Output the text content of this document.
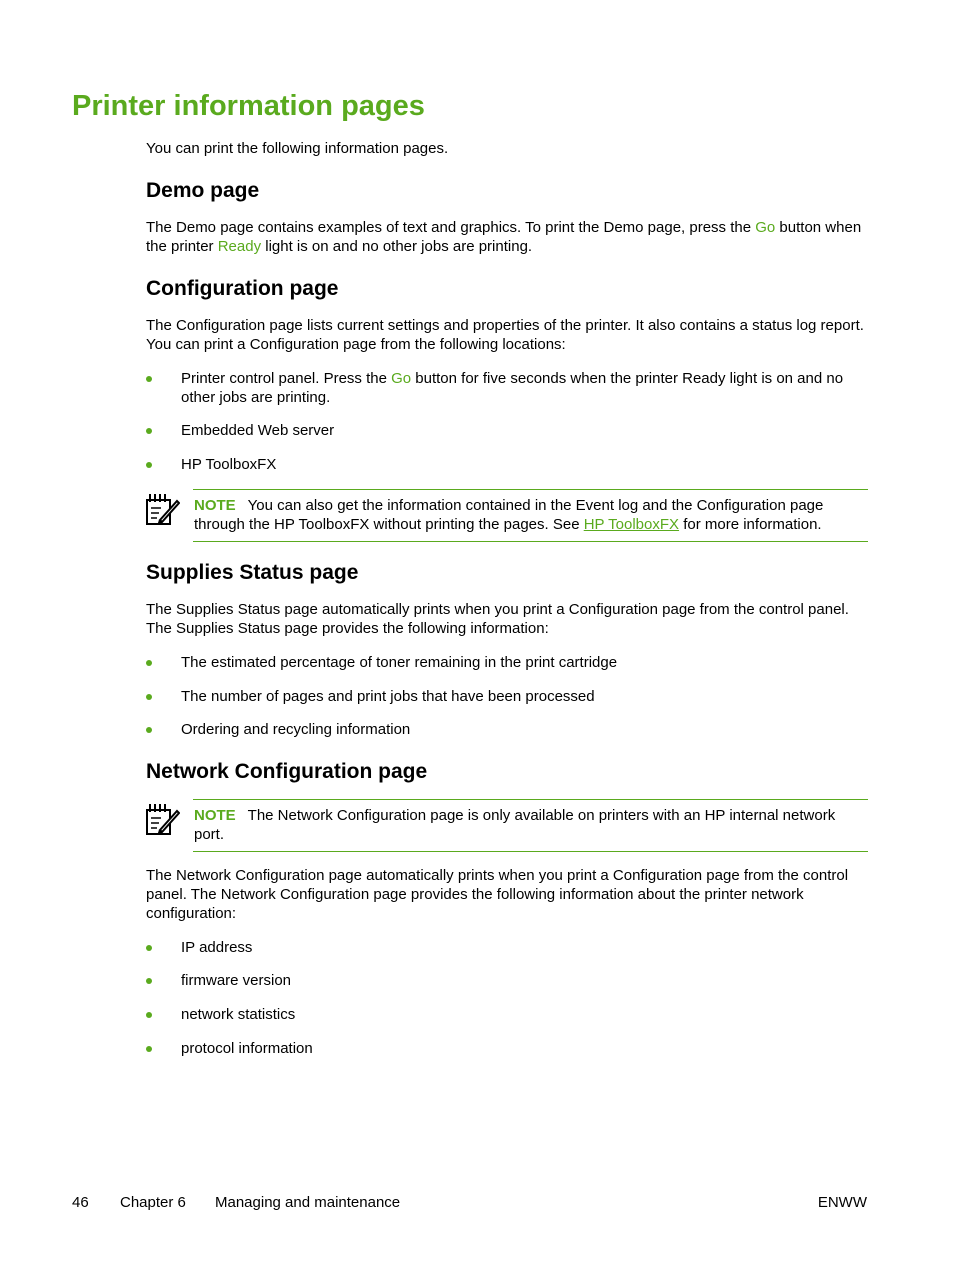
Printer information pages

You can print the following information pages.

Demo page

The Demo page contains examples of text and graphics. To print the Demo page, press the Go button when the printer Ready light is on and no other jobs are printing.

Configuration page

The Configuration page lists current settings and properties of the printer. It also contains a status log report. You can print a Configuration page from the following locations:

Printer control panel. Press the Go button for five seconds when the printer Ready light is on and no other jobs are printing.
Embedded Web server
HP ToolboxFX
NOTE You can also get the information contained in the Event log and the Configuration page through the HP ToolboxFX without printing the pages. See HP ToolboxFX for more information.
Supplies Status page

The Supplies Status page automatically prints when you print a Configuration page from the control panel. The Supplies Status page provides the following information:

The estimated percentage of toner remaining in the print cartridge
The number of pages and print jobs that have been processed
Ordering and recycling information
Network Configuration page
NOTE The Network Configuration page is only available on printers with an HP internal network port.

The Network Configuration page automatically prints when you print a Configuration page from the control panel. The Network Configuration page provides the following information about the printer network configuration:

IP address
firmware version
network statistics
protocol information
46 Chapter 6 Managing and maintenance	ENWW
